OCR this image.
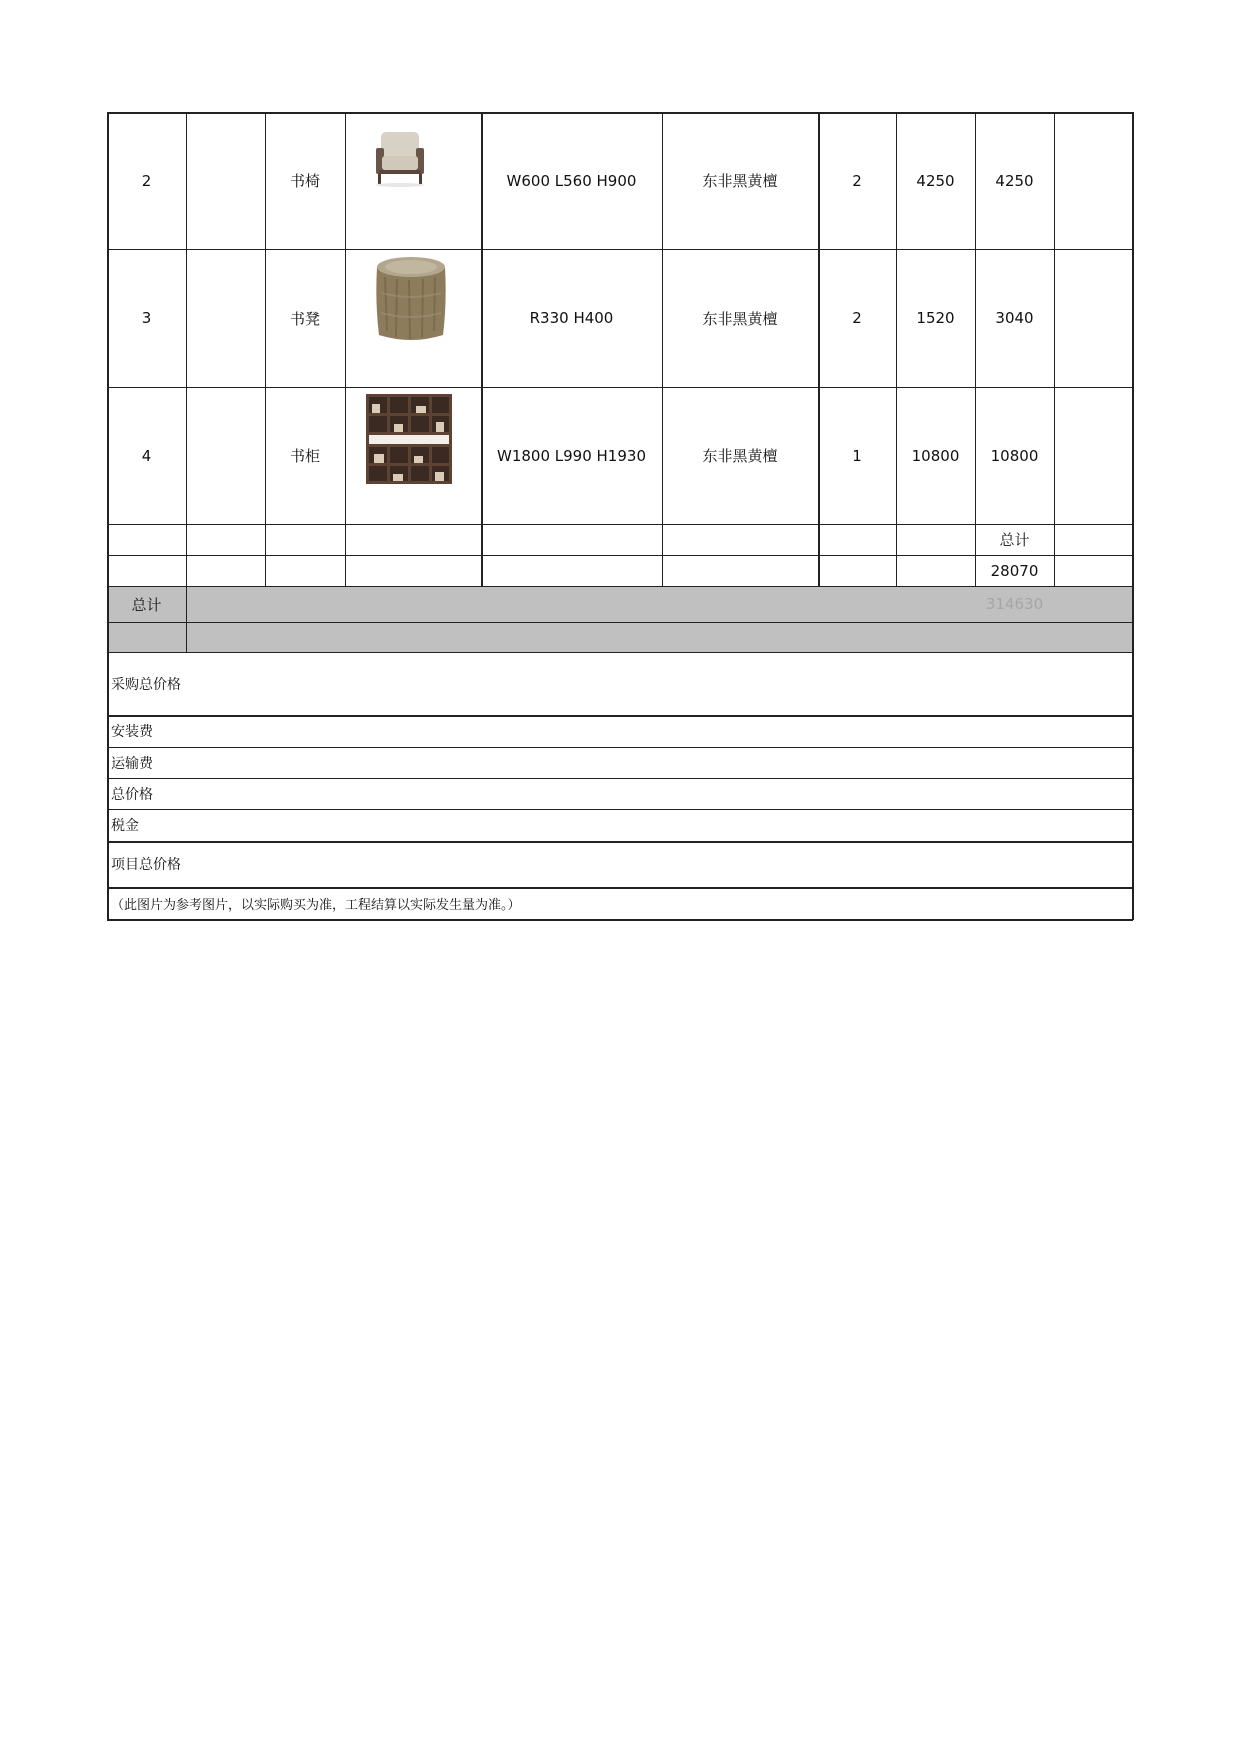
2	书椅	W600 L560 H900	东非黑黄檀	2	4250	4250
3	书凳	R330 H400	东非黑黄檀	2	1520	3040
4	书柜	W1800 L990 H1930	东非黑黄檀	1	10800	10800
总计
28070
总计	314630
采购总价格
安装费
运输费
总价格
税金
项目总价格
（此图片为参考图片，以实际购买为准，工程结算以实际发生量为准。）
